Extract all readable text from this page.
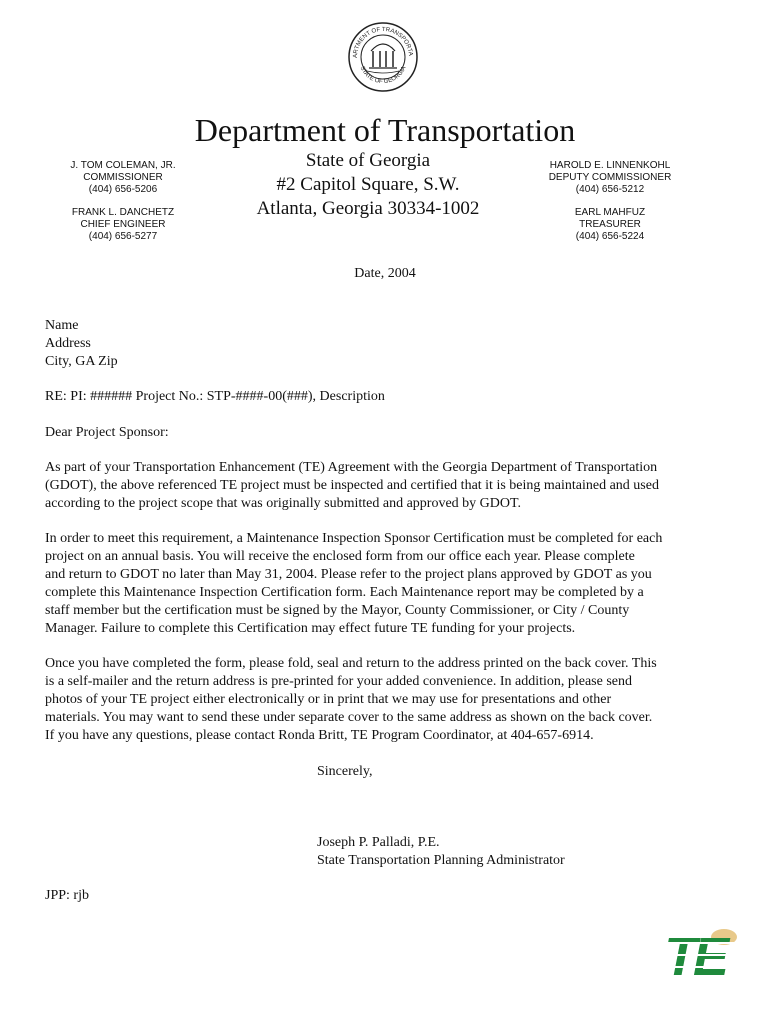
ARTMENT OF TRANSPORTA
STATE OF GEORGIA
Department of Transportation
J. TOM COLEMAN, JR.
COMMISSIONER
(404) 656-5206
FRANK L. DANCHETZ
CHIEF ENGINEER
(404) 656-5277
State of Georgia
#2 Capitol Square, S.W.
Atlanta, Georgia 30334-1002
HAROLD E. LINNENKOHL
DEPUTY COMMISSIONER
(404) 656-5212
EARL MAHFUZ
TREASURER
(404) 656-5224
Date, 2004
Name
Address
City, GA Zip
RE: PI: ###### Project No.: STP-####-00(###), Description
Dear Project Sponsor:
As part of your Transportation Enhancement (TE) Agreement with the Georgia Department of Transportation
(GDOT), the above referenced TE project must be inspected and certified that it is being maintained and used
according to the project scope that was originally submitted and approved by GDOT.
In order to meet this requirement, a Maintenance Inspection Sponsor Certification must be completed for each
project on an annual basis. You will receive the enclosed form from our office each year. Please complete
and return to GDOT no later than May 31, 2004. Please refer to the project plans approved by GDOT as you
complete this Maintenance Inspection Certification form. Each Maintenance report may be completed by a
staff member but the certification must be signed by the Mayor, County Commissioner, or City / County
Manager. Failure to complete this Certification may effect future TE funding for your projects.
Once you have completed the form, please fold, seal and return to the address printed on the back cover. This
is a self-mailer and the return address is pre-printed for your added convenience. In addition, please send
photos of your TE project either electronically or in print that we may use for presentations and other
materials. You may want to send these under separate cover to the same address as shown on the back cover.
If you have any questions, please contact Ronda Britt, TE Program Coordinator, at 404-657-6914.
Sincerely,
Joseph P. Palladi, P.E.
State Transportation Planning Administrator
JPP: rjb
TE
